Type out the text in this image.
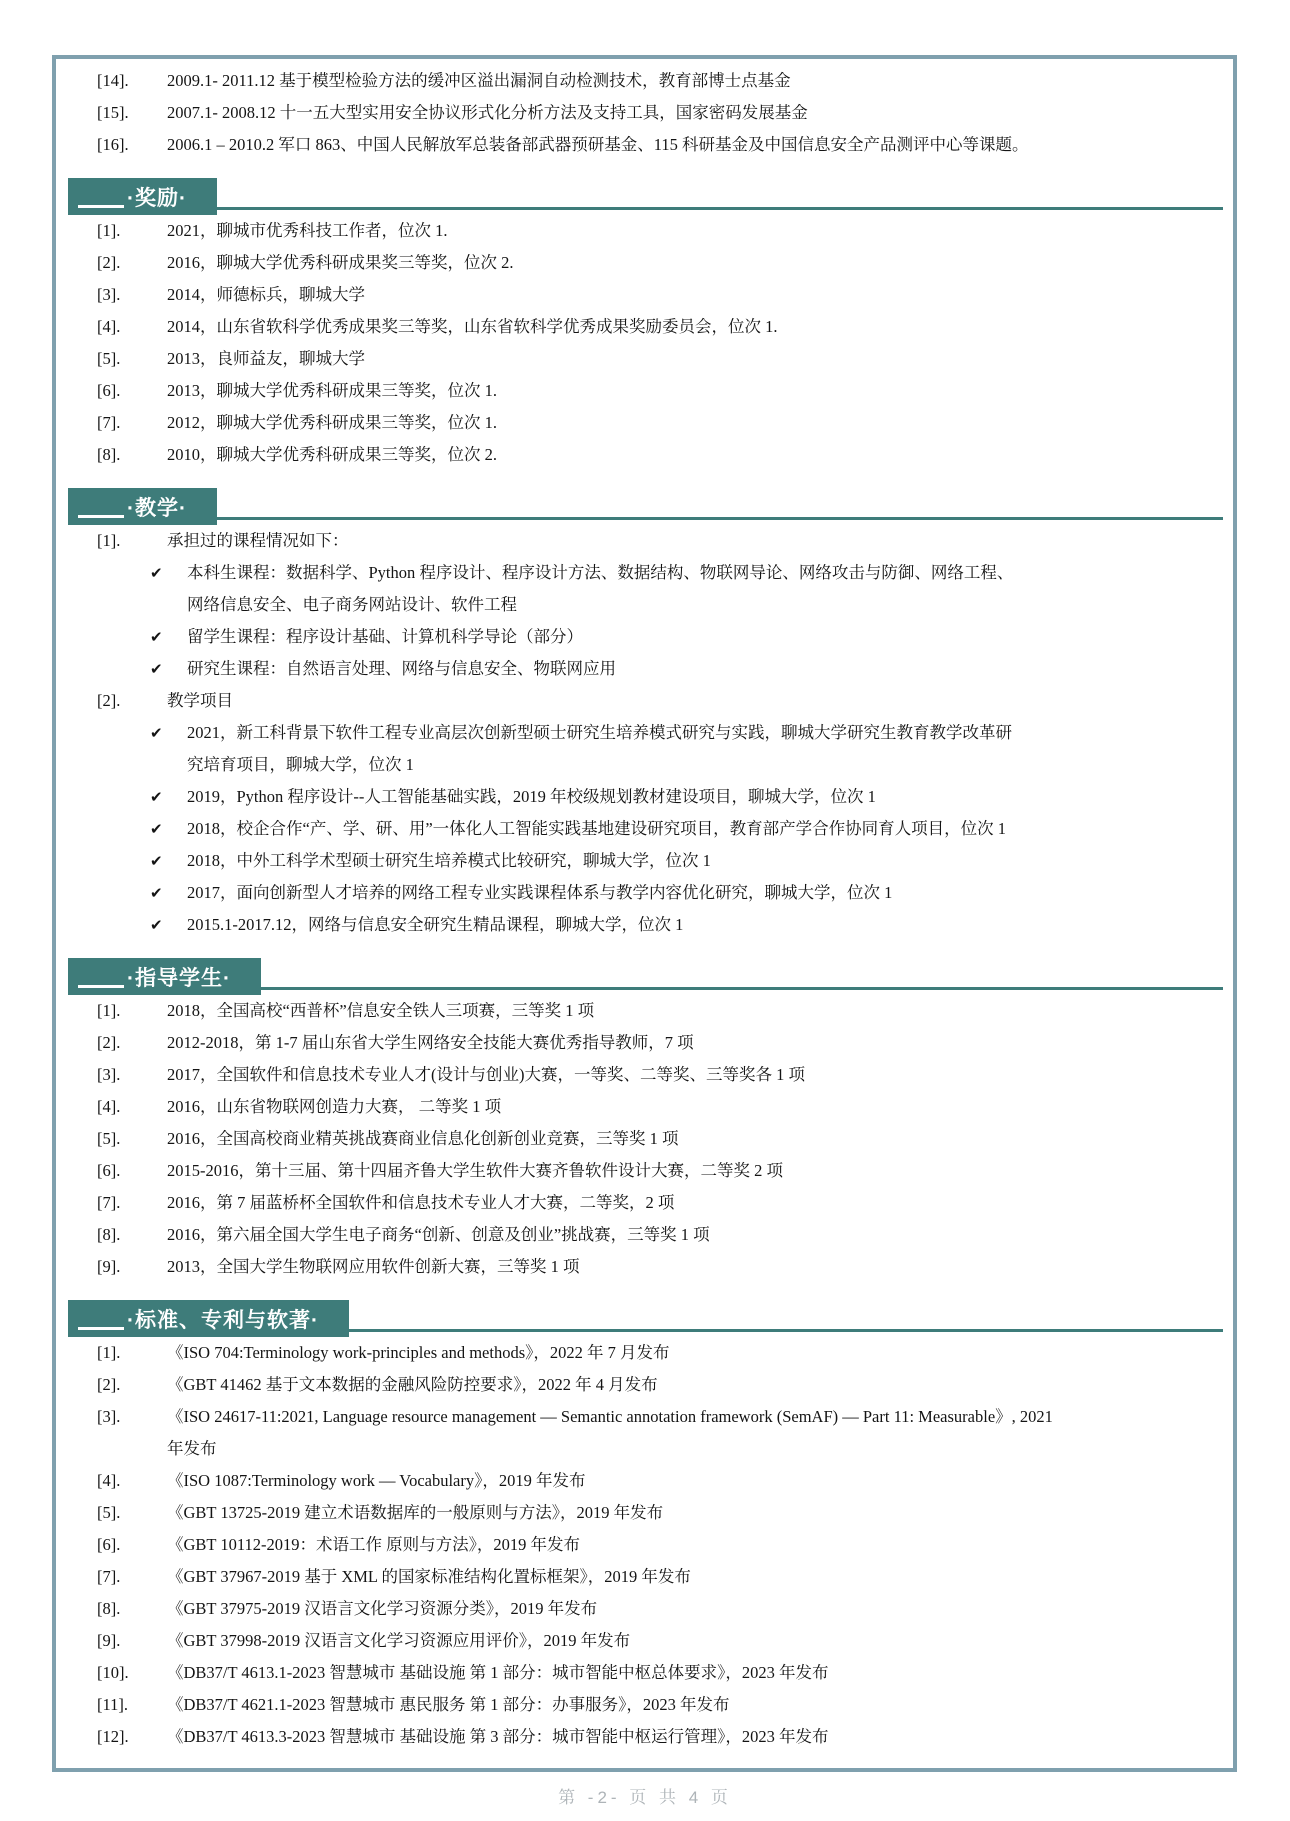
[14].	2009.1- 2011.12 基于模型检验方法的缓冲区溢出漏洞自动检测技术，教育部博士点基金
[15].	2007.1- 2008.12 十一五大型实用安全协议形式化分析方法及支持工具，国家密码发展基金
[16].	2006.1 – 2010.2 军口 863、中国人民解放军总装备部武器预研基金、115 科研基金及中国信息安全产品测评中心等课题。
·奖励·
[1].	2021，聊城市优秀科技工作者，位次 1.
[2].	2016，聊城大学优秀科研成果奖三等奖，位次 2.
[3].	2014，师德标兵，聊城大学
[4].	2014，山东省软科学优秀成果奖三等奖，山东省软科学优秀成果奖励委员会，位次 1.
[5].	2013，良师益友，聊城大学
[6].	2013，聊城大学优秀科研成果三等奖，位次 1.
[7].	2012，聊城大学优秀科研成果三等奖，位次 1.
[8].	2010，聊城大学优秀科研成果三等奖，位次 2.
·教学·
[1].	承担过的课程情况如下：
✔	本科生课程：数据科学、Python 程序设计、程序设计方法、数据结构、物联网导论、网络攻击与防御、网络工程、网络信息安全、电子商务网站设计、软件工程
✔	留学生课程：程序设计基础、计算机科学导论（部分）
✔	研究生课程：自然语言处理、网络与信息安全、物联网应用
[2].	教学项目
✔	2021，新工科背景下软件工程专业高层次创新型硕士研究生培养模式研究与实践，聊城大学研究生教育教学改革研究培育项目，聊城大学，位次 1
✔	2019，Python 程序设计--人工智能基础实践，2019 年校级规划教材建设项目，聊城大学，位次 1
✔	2018，校企合作“产、学、研、用”一体化人工智能实践基地建设研究项目，教育部产学合作协同育人项目，位次 1
✔	2018，中外工科学术型硕士研究生培养模式比较研究，聊城大学，位次 1
✔	2017，面向创新型人才培养的网络工程专业实践课程体系与教学内容优化研究，聊城大学，位次 1
✔	2015.1-2017.12，网络与信息安全研究生精品课程，聊城大学，位次 1
·指导学生·
[1].	2018，全国高校“西普杯”信息安全铁人三项赛，三等奖 1 项
[2].	2012-2018，第 1-7 届山东省大学生网络安全技能大赛优秀指导教师，7 项
[3].	2017，全国软件和信息技术专业人才(设计与创业)大赛，一等奖、二等奖、三等奖各 1 项
[4].	2016，山东省物联网创造力大赛， 二等奖 1 项
[5].	2016，全国高校商业精英挑战赛商业信息化创新创业竞赛，三等奖 1 项
[6].	2015-2016，第十三届、第十四届齐鲁大学生软件大赛齐鲁软件设计大赛，二等奖 2 项
[7].	2016，第 7 届蓝桥杯全国软件和信息技术专业人才大赛，二等奖，2 项
[8].	2016，第六届全国大学生电子商务“创新、创意及创业”挑战赛，三等奖 1 项
[9].	2013，全国大学生物联网应用软件创新大赛，三等奖 1 项
·标准、专利与软著·
[1].	《ISO 704:Terminology work-principles and methods》，2022 年 7 月发布
[2].	《GBT 41462 基于文本数据的金融风险防控要求》，2022 年 4 月发布
[3].	《ISO 24617-11:2021, Language resource management — Semantic annotation framework (SemAF) — Part 11: Measurable》, 2021 年发布
[4].	《ISO 1087:Terminology work — Vocabulary》，2019 年发布
[5].	《GBT 13725-2019 建立术语数据库的一般原则与方法》，2019 年发布
[6].	《GBT 10112-2019：术语工作 原则与方法》，2019 年发布
[7].	《GBT 37967-2019 基于 XML 的国家标准结构化置标框架》，2019 年发布
[8].	《GBT 37975-2019 汉语言文化学习资源分类》，2019 年发布
[9].	《GBT 37998-2019 汉语言文化学习资源应用评价》，2019 年发布
[10].	《DB37/T 4613.1-2023 智慧城市 基础设施 第 1 部分：城市智能中枢总体要求》，2023 年发布
[11].	《DB37/T 4621.1-2023 智慧城市 惠民服务 第 1 部分：办事服务》，2023 年发布
[12].	《DB37/T 4613.3-2023 智慧城市 基础设施 第 3 部分：城市智能中枢运行管理》，2023 年发布
第 -2- 页 共 4 页
